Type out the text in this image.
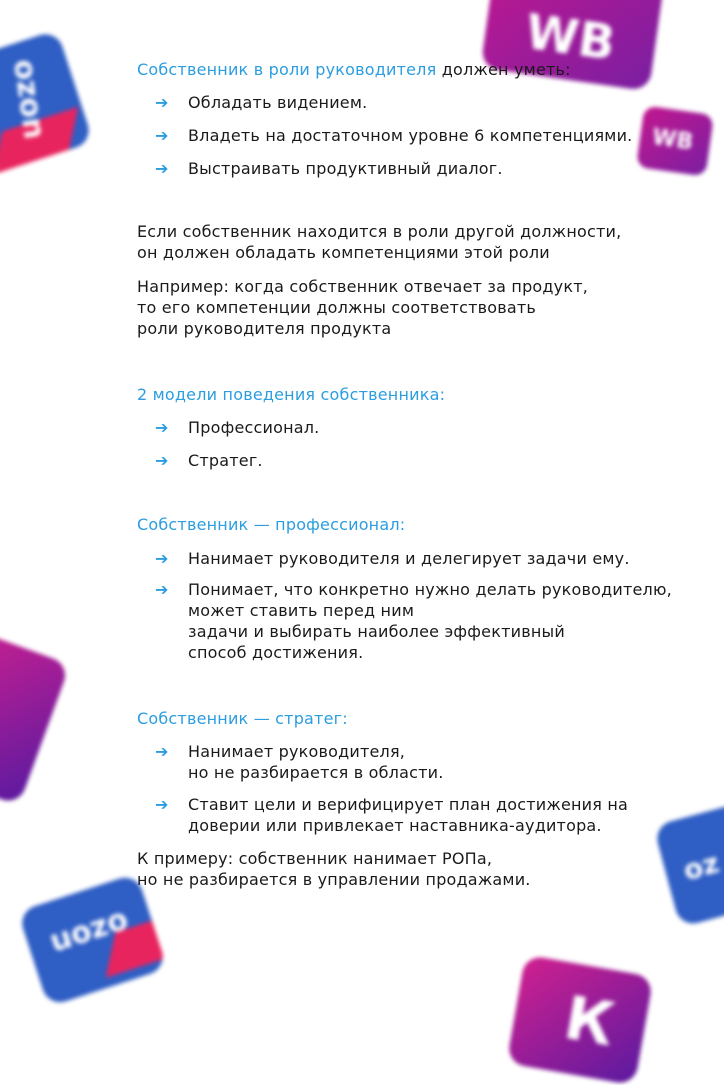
WB
ozon	WB
oz
ozon
К
Собственник в роли руководителя должен уметь:
➔ Обладать видением.
➔ Владеть на достаточном уровне 6 компетенциями.
➔ Выстраивать продуктивный диалог.
Если собственник находится в роли другой должности,
он должен обладать компетенциями этой роли
Например: когда собственник отвечает за продукт,
то его компетенции должны соответствовать
роли руководителя продукта
2 модели поведения собственника:
➔ Профессионал.
➔ Стратег.
Собственник — профессионал:
➔ Нанимает руководителя и делегирует задачи ему.
➔ Понимает, что конкретно нужно делать руководителю,
может ставить перед ним
задачи и выбирать наиболее эффективный
способ достижения.
Собственник — стратег:
➔ Нанимает руководителя,
но не разбирается в области.
➔ Ставит цели и верифицирует план достижения на
доверии или привлекает наставника-аудитора.
К примеру: собственник нанимает РОПа,
но не разбирается в управлении продажами.
